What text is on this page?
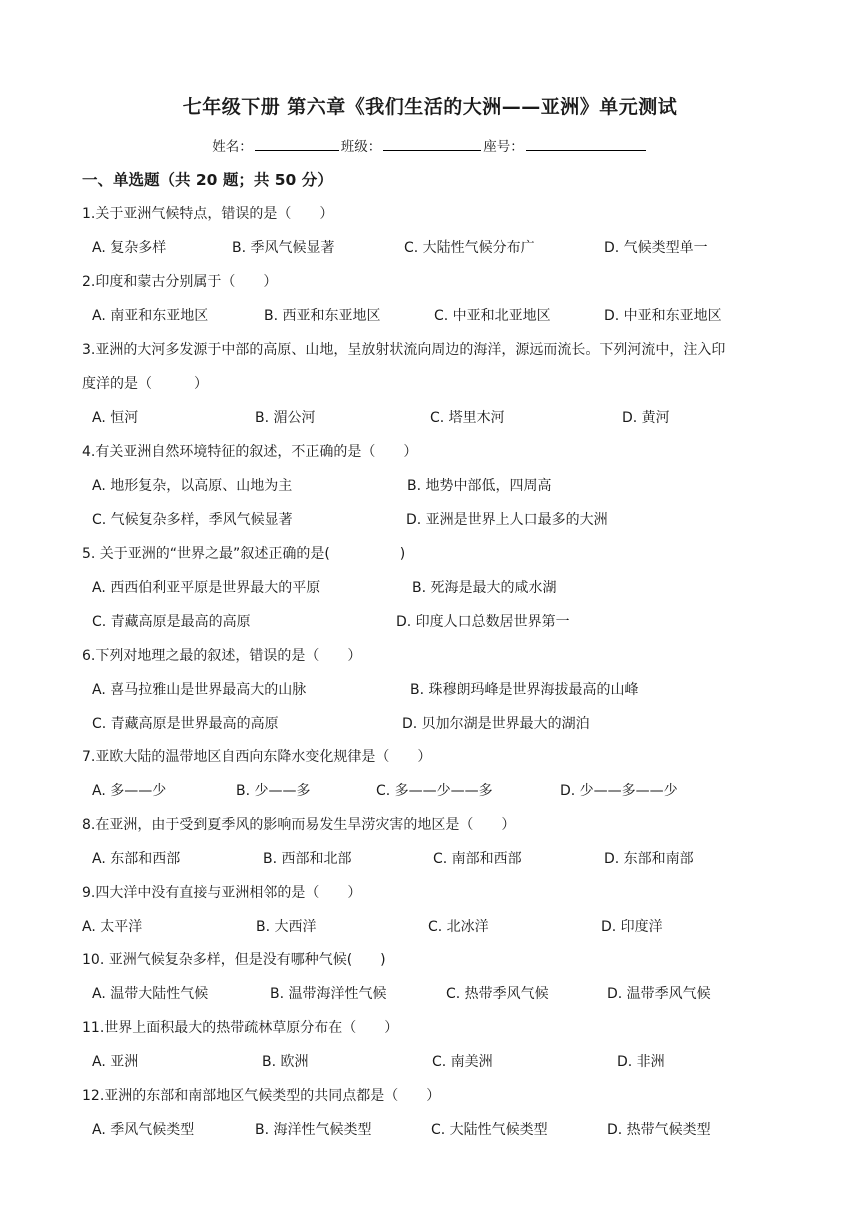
七年级下册 第六章《我们生活的大洲——亚洲》单元测试
姓名：	班级：	座号：
一、单选题（共 20 题；共 50 分）
1.关于亚洲气候特点，错误的是（　　）
A. 复杂多样	B. 季风气候显著	C. 大陆性气候分布广	D. 气候类型单一
2.印度和蒙古分别属于（　　）
A. 南亚和东亚地区	B. 西亚和东亚地区	C. 中亚和北亚地区	D. 中亚和东亚地区
3.亚洲的大河多发源于中部的高原、山地，呈放射状流向周边的海洋，源远而流长。下列河流中，注入印
度洋的是（　　　）
A. 恒河	B. 湄公河	C. 塔里木河	D. 黄河
4.有关亚洲自然环境特征的叙述，不正确的是（　　）
A. 地形复杂，以高原、山地为主	B. 地势中部低，四周高
C. 气候复杂多样，季风气候显著	D. 亚洲是世界上人口最多的大洲
5. 关于亚洲的“世界之最”叙述正确的是(　　　　　)
A. 西西伯利亚平原是世界最大的平原	B. 死海是最大的咸水湖
C. 青藏高原是最高的高原	D. 印度人口总数居世界第一
6.下列对地理之最的叙述，错误的是（　　）
A. 喜马拉雅山是世界最高大的山脉	B. 珠穆朗玛峰是世界海拔最高的山峰
C. 青藏高原是世界最高的高原	D. 贝加尔湖是世界最大的湖泊
7.亚欧大陆的温带地区自西向东降水变化规律是（　　）
A. 多——少	B. 少——多	C. 多——少——多	D. 少——多——少
8.在亚洲，由于受到夏季风的影响而易发生旱涝灾害的地区是（　　）
A. 东部和西部	B. 西部和北部	C. 南部和西部	D. 东部和南部
9.四大洋中没有直接与亚洲相邻的是（　　）
A. 太平洋	B. 大西洋	C. 北冰洋	D. 印度洋
10. 亚洲气候复杂多样，但是没有哪种气候(　　)
A. 温带大陆性气候	B. 温带海洋性气候	C. 热带季风气候	D. 温带季风气候
11.世界上面积最大的热带疏林草原分布在（　　）
A. 亚洲	B. 欧洲	C. 南美洲	D. 非洲
12.亚洲的东部和南部地区气候类型的共同点都是（　　）
A. 季风气候类型	B. 海洋性气候类型	C. 大陆性气候类型	D. 热带气候类型
